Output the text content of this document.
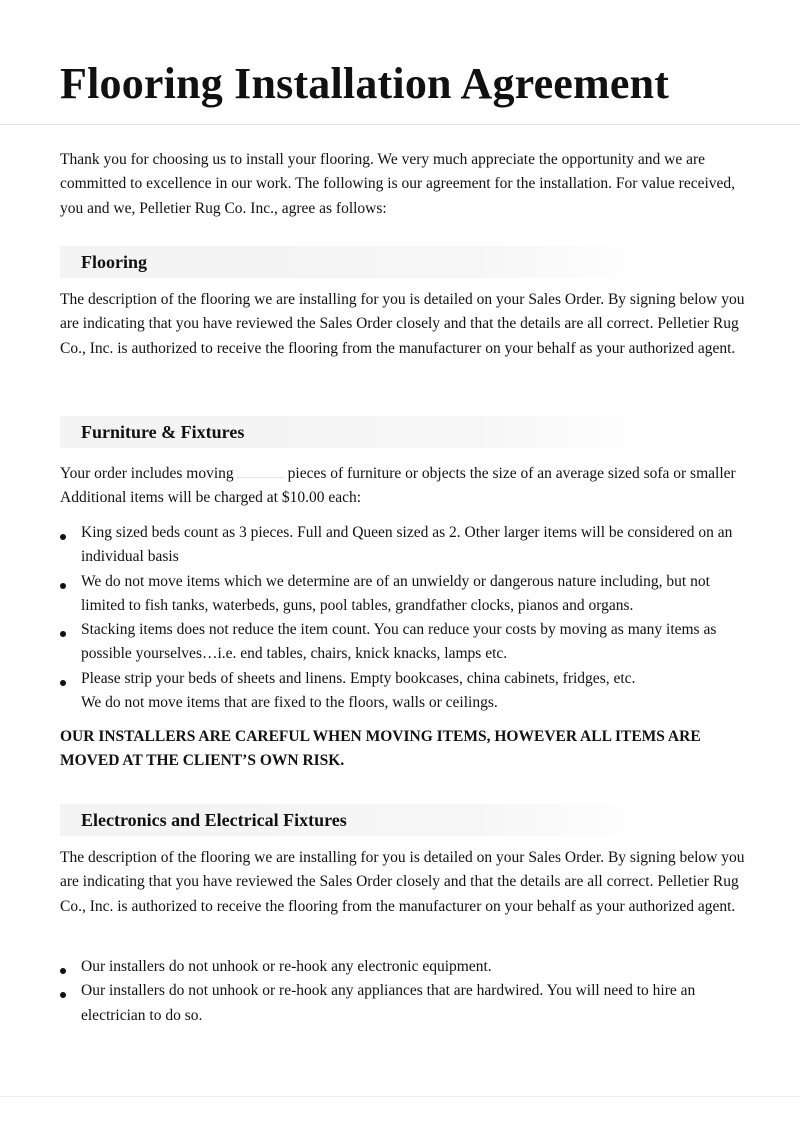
Flooring Installation Agreement

Thank you for choosing us to install your flooring. We very much appreciate the opportunity and we are committed to excellence in our work. The following is our agreement for the installation. For value received, you and we, Pelletier Rug Co. Inc., agree as follows:

Flooring

The description of the flooring we are installing for you is detailed on your Sales Order. By signing below you are indicating that you have reviewed the Sales Order closely and that the details are all correct. Pelletier Rug Co., Inc. is authorized to receive the flooring from the manufacturer on your behalf as your authorized agent.

Furniture & Fixtures

Your order includes moving	pieces of furniture or objects the size of an average sized sofa or smaller Additional items will be charged at $10.00 each:

King sized beds count as 3 pieces. Full and Queen sized as 2. Other larger items will be considered on an individual basis
We do not move items which we determine are of an unwieldy or dangerous nature including, but not limited to fish tanks, waterbeds, guns, pool tables, grandfather clocks, pianos and organs.
Stacking items does not reduce the item count. You can reduce your costs by moving as many items as possible yourselves…i.e. end tables, chairs, knick knacks, lamps etc.
Please strip your beds of sheets and linens. Empty bookcases, china cabinets, fridges, etc.
We do not move items that are fixed to the floors, walls or ceilings.

OUR INSTALLERS ARE CAREFUL WHEN MOVING ITEMS, HOWEVER ALL ITEMS ARE MOVED AT THE CLIENT’S OWN RISK.

Electronics and Electrical Fixtures

The description of the flooring we are installing for you is detailed on your Sales Order. By signing below you are indicating that you have reviewed the Sales Order closely and that the details are all correct. Pelletier Rug Co., Inc. is authorized to receive the flooring from the manufacturer on your behalf as your authorized agent.

Our installers do not unhook or re-hook any electronic equipment.
Our installers do not unhook or re-hook any appliances that are hardwired. You will need to hire an electrician to do so.
